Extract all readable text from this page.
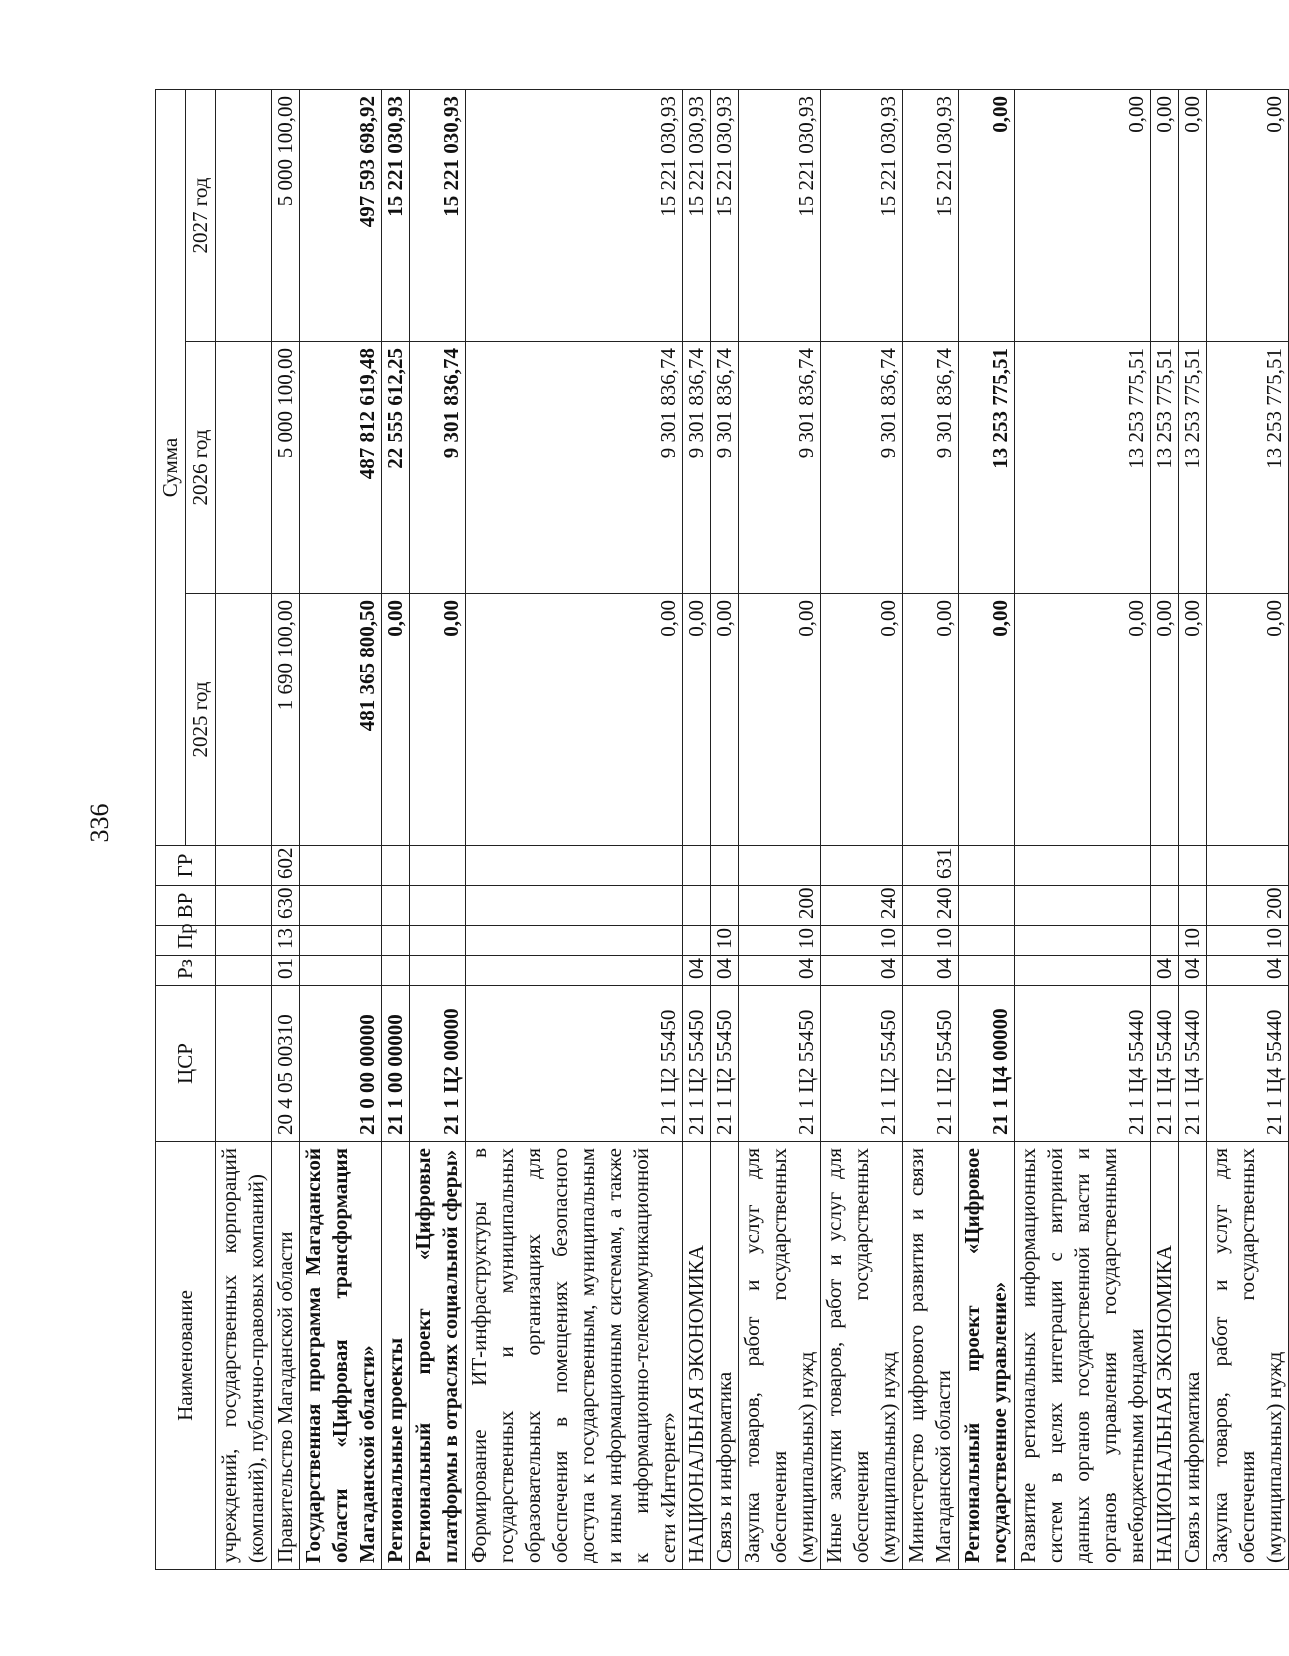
336
Наименование	ЦСР	Рз	Пр	ВР	ГР	Сумма		
						2025 год	2026 год	2027 год
учреждений, государственных корпораций (компаний), публично-правовых компаний)								
Правительство Магаданской области	20 4 05 00310	01	13	630	602	1 690 100,00	5 000 100,00	5 000 100,00
Государственная программа Магаданской области «Цифровая трансформация Магаданской области»	21 0 00 00000					481 365 800,50	487 812 619,48	497 593 698,92
Региональные проекты	21 1 00 00000					0,00	22 555 612,25	15 221 030,93
Региональный проект «Цифровые платформы в отраслях социальной сферы»	21 1 Ц2 00000					0,00	9 301 836,74	15 221 030,93
Формирование ИТ-инфраструктуры в государственных и муниципальных образовательных организациях для обеспечения в помещениях безопасного доступа к государственным, муниципальным и иным информационным системам, а также к информационно-телекоммуникационной сети «Интернет»	21 1 Ц2 55450					0,00	9 301 836,74	15 221 030,93
НАЦИОНАЛЬНАЯ ЭКОНОМИКА	21 1 Ц2 55450	04				0,00	9 301 836,74	15 221 030,93
Связь и информатика	21 1 Ц2 55450	04	10			0,00	9 301 836,74	15 221 030,93
Закупка товаров, работ и услуг для обеспечения государственных (муниципальных) нужд	21 1 Ц2 55450	04	10	200		0,00	9 301 836,74	15 221 030,93
Иные закупки товаров, работ и услуг для обеспечения государственных (муниципальных) нужд	21 1 Ц2 55450	04	10	240		0,00	9 301 836,74	15 221 030,93
Министерство цифрового развития и связи Магаданской области	21 1 Ц2 55450	04	10	240	631	0,00	9 301 836,74	15 221 030,93
Региональный проект «Цифровое государственное управление»	21 1 Ц4 00000					0,00	13 253 775,51	0,00
Развитие региональных информационных систем в целях интеграции с витриной данных органов государственной власти и органов управления государственными внебюджетными фондами	21 1 Ц4 55440					0,00	13 253 775,51	0,00
НАЦИОНАЛЬНАЯ ЭКОНОМИКА	21 1 Ц4 55440	04				0,00	13 253 775,51	0,00
Связь и информатика	21 1 Ц4 55440	04	10			0,00	13 253 775,51	0,00
Закупка товаров, работ и услуг для обеспечения государственных (муниципальных) нужд	21 1 Ц4 55440	04	10	200		0,00	13 253 775,51	0,00
